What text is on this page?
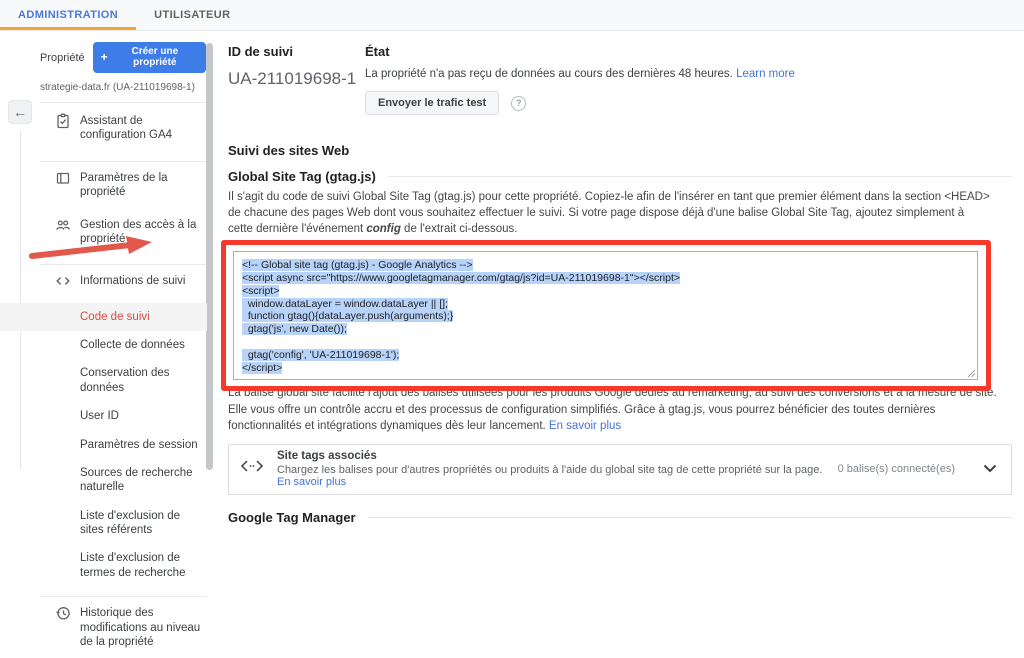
ADMINISTRATION	UTILISATEUR
←
Propriété +	Créer une propriété
strategie-data.fr (UA-211019698-1)
Assistant de configuration GA4
Paramètres de la propriété
Gestion des accès à la propriété
Informations de suivi
Code de suivi
Collecte de données
Conservation des données
User ID
Paramètres de session
Sources de recherche naturelle
Liste d'exclusion de sites référents
Liste d'exclusion de termes de recherche
Historique des modifications au niveau de la propriété
ID de suivi
UA-211019698-1
État
La propriété n'a pas reçu de données au cours des dernières 48 heures. Learn more
Envoyer le trafic test	?
Suivi des sites Web
Global Site Tag (gtag.js)
Il s'agit du code de suivi Global Site Tag (gtag.js) pour cette propriété. Copiez-le afin de l'insérer en tant que premier élément dans la section <HEAD> de chacune des pages Web dont vous souhaitez effectuer le suivi. Si votre page dispose déjà d'une balise Global Site Tag, ajoutez simplement à cette dernière l'événement config de l'extrait ci-dessous.
<!-- Global site tag (gtag.js) - Google Analytics -->
<script async src="https://www.googletagmanager.com/gtag/js?id=UA-211019698-1"></script>
<script>
window.dataLayer = window.dataLayer || [];
function gtag(){dataLayer.push(arguments);}
gtag('js', new Date());

gtag('config', 'UA-211019698-1');
</script>
La balise global site facilite l'ajout des balises utilisées pour les produits Google dédiés au remarketing, au suivi des conversions et à la mesure de site. Elle vous offre un contrôle accru et des processus de configuration simplifiés. Grâce à gtag.js, vous pourrez bénéficier des toutes dernières fonctionnalités et intégrations dynamiques dès leur lancement. En savoir plus
Site tags associés
Chargez les balises pour d'autres propriétés ou produits à l'aide du global site tag de cette propriété sur la page. En savoir plus
0 balise(s) connecté(es)
Google Tag Manager
